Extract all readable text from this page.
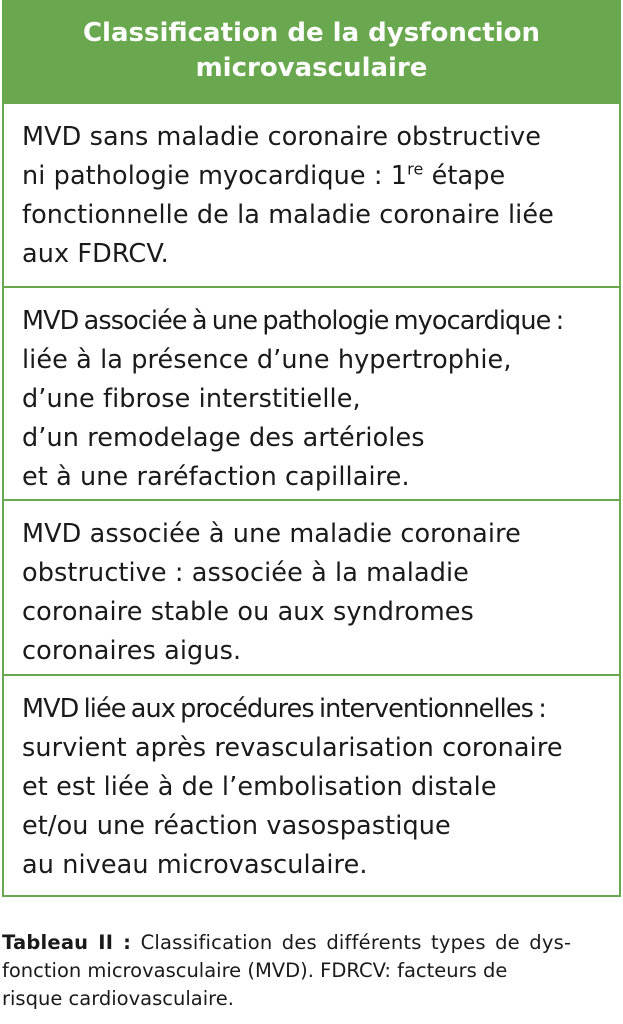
Classification de la dysfonction
microvasculaire
MVD sans maladie coronaire obstructive
ni pathologie myocardique : 1re étape
fonctionnelle de la maladie coronaire liée
aux FDRCV.
MVD associée à une pathologie myocardique :
liée à la présence d’une hypertrophie,
d’une fibrose interstitielle,
d’un remodelage des artérioles
et à une raréfaction capillaire.
MVD associée à une maladie coronaire
obstructive : associée à la maladie
coronaire stable ou aux syndromes
coronaires aigus.
MVD liée aux procédures interventionnelles :
survient après revascularisation coronaire
et est liée à de l’embolisation distale
et/ou une réaction vasospastique
au niveau microvasculaire.
Tableau II : Classification des différents types de dys-
fonction microvasculaire (MVD). FDRCV: facteurs de
risque cardiovasculaire.
